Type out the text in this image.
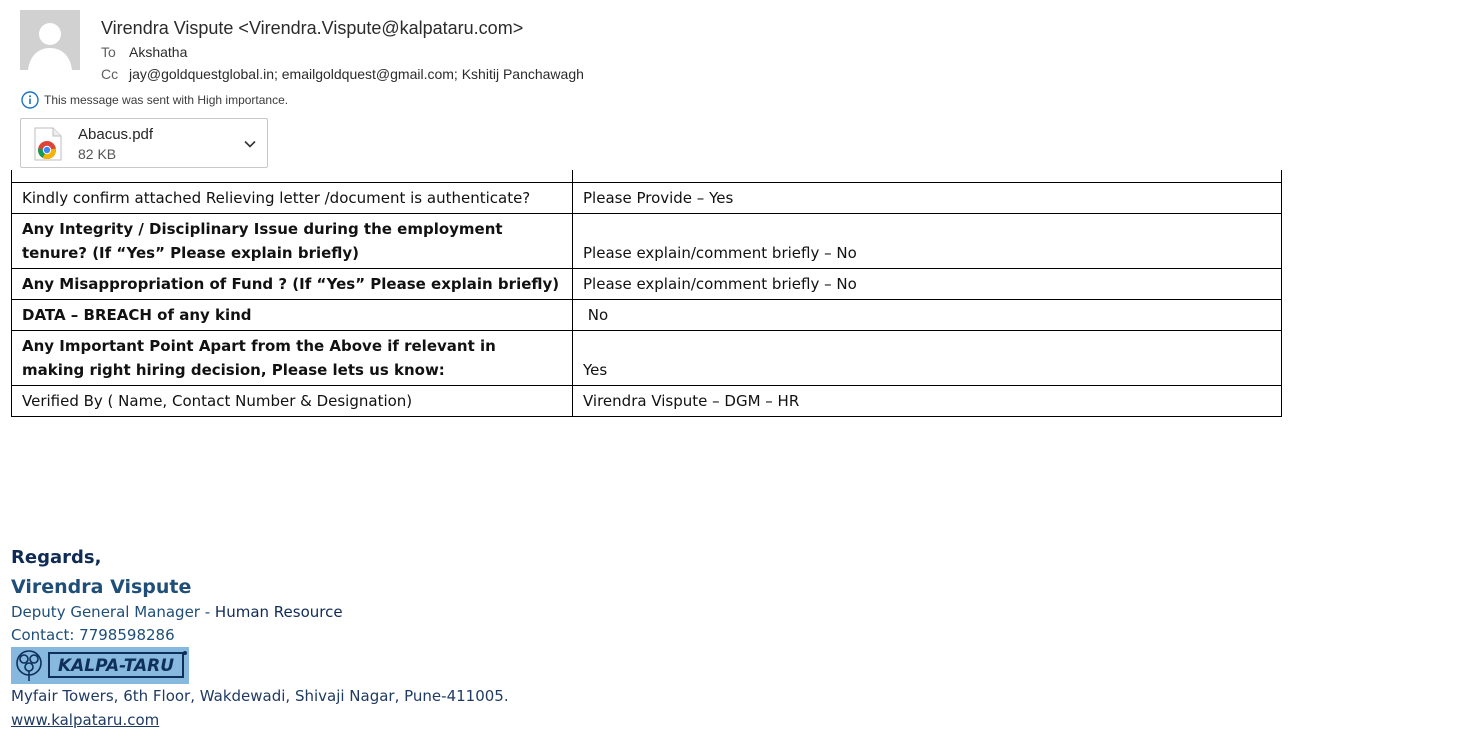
Virendra Vispute <Virendra.Vispute@kalpataru.com>
To Akshatha
Cc jay@goldquestglobal.in; emailgoldquest@gmail.com; Kshitij Panchawagh
This message was sent with High importance.
Abacus.pdf
82 KB
Kindly confirm attached Relieving letter /document is authenticate?	Please Provide – Yes
Any Integrity / Disciplinary Issue during the employment tenure? (If “Yes” Please explain briefly)	Please explain/comment briefly – No
Any Misappropriation of Fund ? (If “Yes” Please explain briefly)	Please explain/comment briefly – No
DATA – BREACH of any kind	No
Any Important Point Apart from the Above if relevant in making right hiring decision, Please lets us know:	Yes
Verified By ( Name, Contact Number & Designation)	Virendra Vispute – DGM – HR
Regards,
Virendra Vispute
Deputy General Manager - Human Resource
Contact: 7798598286
KALPA-TARU
Myfair Towers, 6th Floor, Wakdewadi, Shivaji Nagar, Pune-411005.
www.kalpataru.com
